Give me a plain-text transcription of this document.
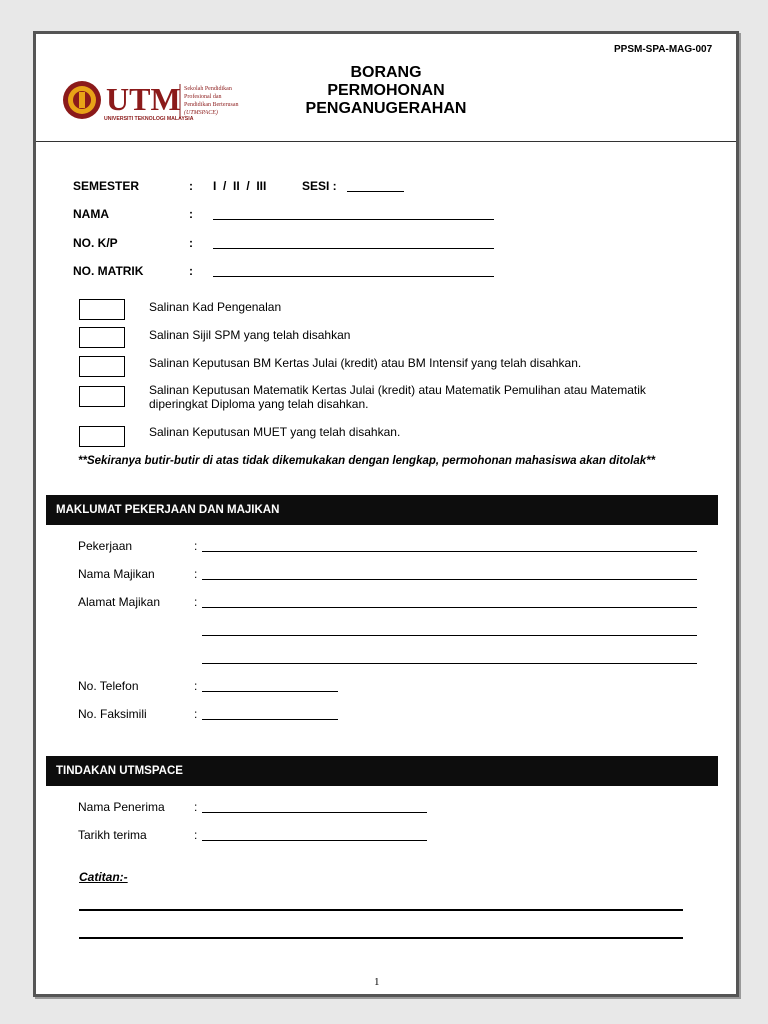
PPSM-SPA-MAG-007
UTM
UNIVERSITI TEKNOLOGI MALAYSIA
Sekolah Pendidikan
Profesional dan
Pendidikan Berterusan
(UTMSPACE)
BORANG
PERMOHONAN
PENGANUGERAHAN
SEMESTER	: I  /  II  /  III	SESI :
NAMA	:
NO. K/P	:
NO. MATRIK	:
Salinan Kad Pengenalan
Salinan Sijil SPM yang telah disahkan
Salinan Keputusan BM Kertas Julai (kredit) atau BM Intensif yang telah disahkan.
Salinan Keputusan Matematik Kertas Julai (kredit) atau Matematik Pemulihan atau Matematik diperingkat Diploma yang telah disahkan.
Salinan Keputusan MUET yang telah disahkan.
**Sekiranya butir-butir di atas tidak dikemukakan dengan lengkap, permohonan mahasiswa akan ditolak**
MAKLUMAT PEKERJAAN DAN MAJIKAN
Pekerjaan	:
Nama Majikan	:
Alamat Majikan	:
No. Telefon	:
No. Faksimili	:
TINDAKAN UTMSPACE
Nama Penerima :
Tarikh terima	:
Catitan:-
1
